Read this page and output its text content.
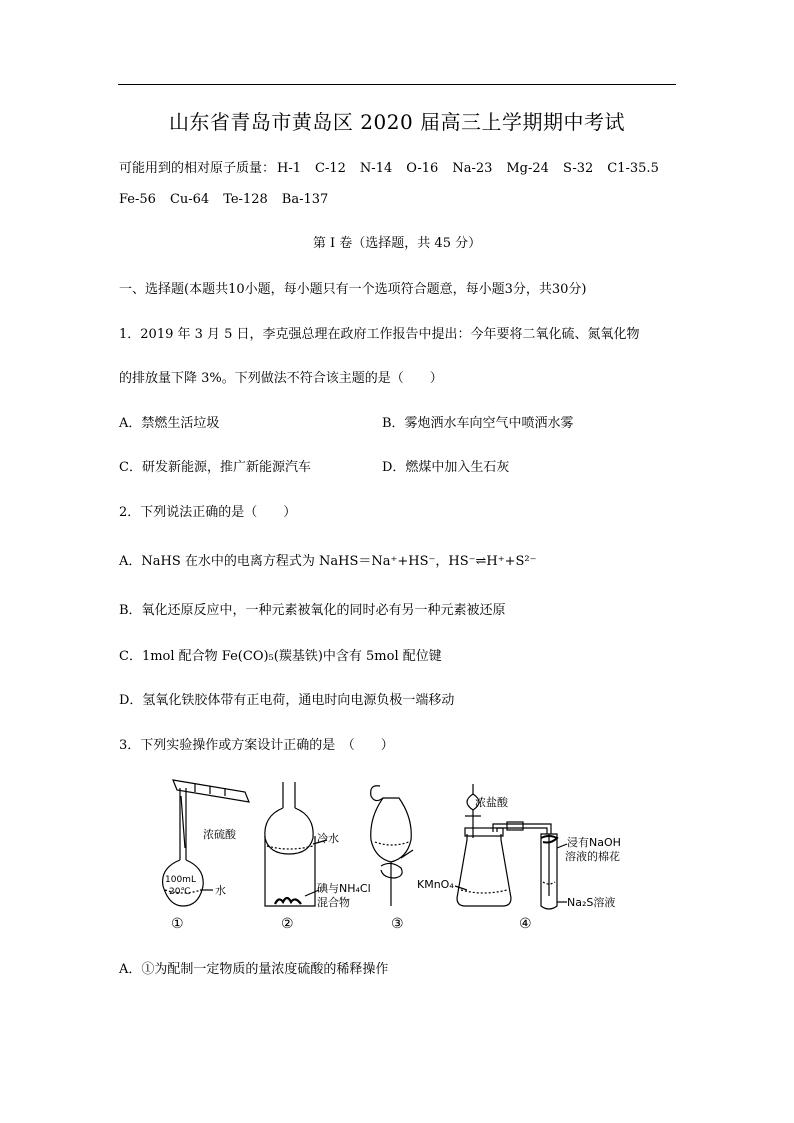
山东省青岛市黄岛区 2020 届高三上学期期中考试
可能用到的相对原子质量： H-1 C-12 N-14 O-16 Na-23 Mg-24 S-32 C1-35.5
Fe-56 Cu-64 Te-128 Ba-137
第 I 卷（选择题，共 45 分）
一、选择题(本题共10小题，每小题只有一个选项符合题意，每小题3分，共30分)
1．2019 年 3 月 5 日，李克强总理在政府工作报告中提出：今年要将二氧化硫、氮氧化物
的排放量下降 3%。下列做法不符合该主题的是（　　）
A．禁燃生活垃圾	B．雾炮洒水车向空气中喷洒水雾
C．研发新能源，推广新能源汽车	D．燃煤中加入生石灰
2．下列说法正确的是（　　）
A．NaHS 在水中的电离方程式为 NaHS＝Na⁺+HS⁻，HS⁻⇌H⁺+S²⁻
B．氧化还原反应中，一种元素被氧化的同时必有另一种元素被还原
C．1mol 配合物 Fe(CO)₅(羰基铁)中含有 5mol 配位键
D．氢氧化铁胶体带有正电荷，通电时向电源负极一端移动
3．下列实验操作或方案设计正确的是　（　　）
浓硫酸
100mL
20℃ 水
①
冷水
碘与NH₄Cl
混合物
②	③
浓盐酸
KMnO₄
浸有NaOH
溶液的棉花
Na₂S溶液
④
A．①为配制一定物质的量浓度硫酸的稀释操作
